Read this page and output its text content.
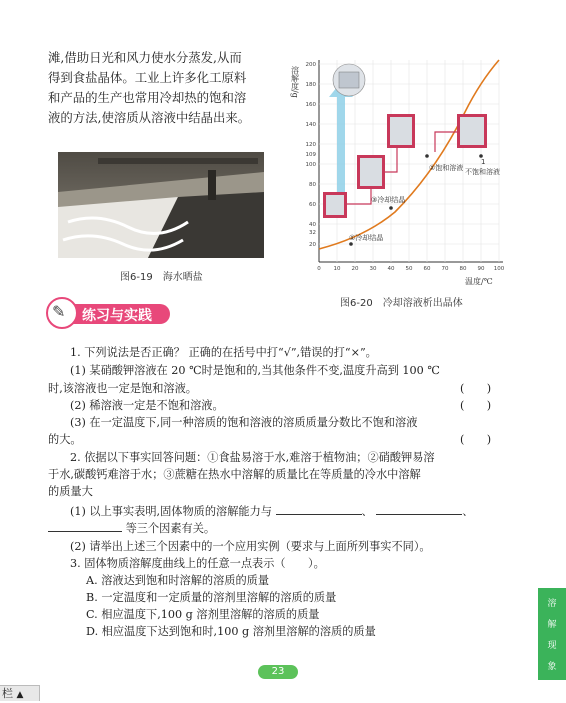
滩,借助日光和风力使水分蒸发,从而
得到食盐晶体。工业上许多化工原料
和产品的生产也常用冷却热的饱和溶
液的方法,使溶质从溶液中结晶出来。
图6-19　海水晒盐
200
180
160
140
120
109
100
80
60
40
32
20
0 10 20 30 40 50 60 70 80 90 100
溶解度/g
温度/℃
①冷却结晶
②饱和溶液
③冷却结晶
不饱和溶液
1
图6-20　冷却溶液析出晶体
✎ 练习与实践
1. 下列说法是否正确？ 正确的在括号中打“√”,错误的打“×”。
(1) 某硝酸钾溶液在 20 ℃时是饱和的,当其他条件不变,温度升高到 100 ℃
时,该溶液也一定是饱和溶液。	(　　)
(2) 稀溶液一定是不饱和溶液。	(　　)
(3) 在一定温度下,同一种溶质的饱和溶液的溶质质量分数比不饱和溶液
的大。	(　　)
2. 依据以下事实回答问题：①食盐易溶于水,难溶于植物油；②硝酸钾易溶
于水,碳酸钙难溶于水；③蔗糖在热水中溶解的质量比在等质量的冷水中溶解
的质量大
(1) 以上事实表明,固体物质的溶解能力与	、	、
等三个因素有关。
(2) 请举出上述三个因素中的一个应用实例（要求与上面所列事实不同）。
3. 固体物质溶解度曲线上的任意一点表示（　　）。
A. 溶液达到饱和时溶解的溶质的质量
B. 一定温度和一定质量的溶剂里溶解的溶质的质量
C. 相应温度下,100 g 溶剂里溶解的溶质的质量
D. 相应温度下达到饱和时,100 g 溶剂里溶解的溶质的质量
溶
解
现
象
23
栏 ▲
